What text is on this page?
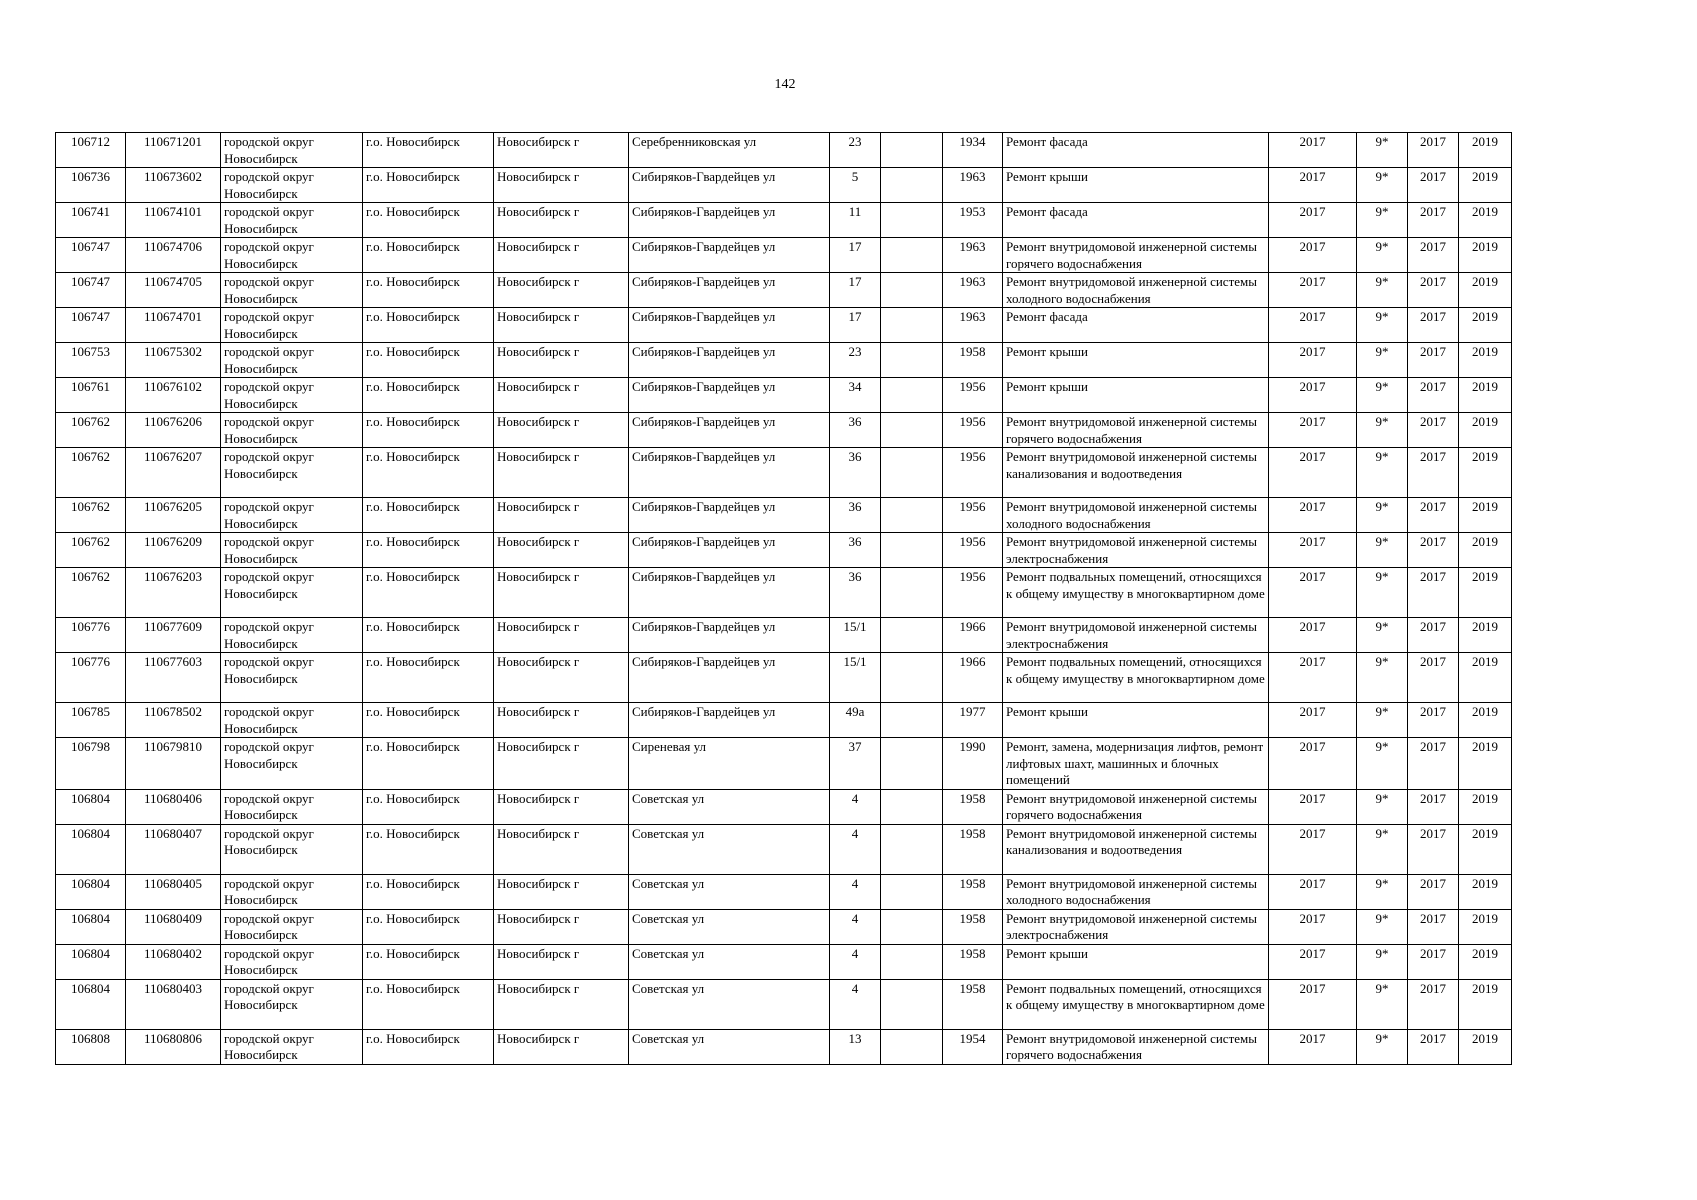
142
106712	110671201	городской округ Новосибирск	г.о. Новосибирск	Новосибирск г	Серебренниковская ул	23		1934	Ремонт фасада	2017	9*	2017	2019
106736	110673602	городской округ Новосибирск	г.о. Новосибирск	Новосибирск г	Сибиряков-Гвардейцев ул	5		1963	Ремонт крыши	2017	9*	2017	2019
106741	110674101	городской округ Новосибирск	г.о. Новосибирск	Новосибирск г	Сибиряков-Гвардейцев ул	11		1953	Ремонт фасада	2017	9*	2017	2019
106747	110674706	городской округ Новосибирск	г.о. Новосибирск	Новосибирск г	Сибиряков-Гвардейцев ул	17		1963	Ремонт внутридомовой инженерной системы горячего водоснабжения	2017	9*	2017	2019
106747	110674705	городской округ Новосибирск	г.о. Новосибирск	Новосибирск г	Сибиряков-Гвардейцев ул	17		1963	Ремонт внутридомовой инженерной системы холодного водоснабжения	2017	9*	2017	2019
106747	110674701	городской округ Новосибирск	г.о. Новосибирск	Новосибирск г	Сибиряков-Гвардейцев ул	17		1963	Ремонт фасада	2017	9*	2017	2019
106753	110675302	городской округ Новосибирск	г.о. Новосибирск	Новосибирск г	Сибиряков-Гвардейцев ул	23		1958	Ремонт крыши	2017	9*	2017	2019
106761	110676102	городской округ Новосибирск	г.о. Новосибирск	Новосибирск г	Сибиряков-Гвардейцев ул	34		1956	Ремонт крыши	2017	9*	2017	2019
106762	110676206	городской округ Новосибирск	г.о. Новосибирск	Новосибирск г	Сибиряков-Гвардейцев ул	36		1956	Ремонт внутридомовой инженерной системы горячего водоснабжения	2017	9*	2017	2019
106762	110676207	городской округ Новосибирск	г.о. Новосибирск	Новосибирск г	Сибиряков-Гвардейцев ул	36		1956	Ремонт внутридомовой инженерной системы канализования и водоотведения	2017	9*	2017	2019
106762	110676205	городской округ Новосибирск	г.о. Новосибирск	Новосибирск г	Сибиряков-Гвардейцев ул	36		1956	Ремонт внутридомовой инженерной системы холодного водоснабжения	2017	9*	2017	2019
106762	110676209	городской округ Новосибирск	г.о. Новосибирск	Новосибирск г	Сибиряков-Гвардейцев ул	36		1956	Ремонт внутридомовой инженерной системы электроснабжения	2017	9*	2017	2019
106762	110676203	городской округ Новосибирск	г.о. Новосибирск	Новосибирск г	Сибиряков-Гвардейцев ул	36		1956	Ремонт подвальных помещений, относящихся к общему имуществу в многоквартирном доме	2017	9*	2017	2019
106776	110677609	городской округ Новосибирск	г.о. Новосибирск	Новосибирск г	Сибиряков-Гвардейцев ул	15/1		1966	Ремонт внутридомовой инженерной системы электроснабжения	2017	9*	2017	2019
106776	110677603	городской округ Новосибирск	г.о. Новосибирск	Новосибирск г	Сибиряков-Гвардейцев ул	15/1		1966	Ремонт подвальных помещений, относящихся к общему имуществу в многоквартирном доме	2017	9*	2017	2019
106785	110678502	городской округ Новосибирск	г.о. Новосибирск	Новосибирск г	Сибиряков-Гвардейцев ул	49а		1977	Ремонт крыши	2017	9*	2017	2019
106798	110679810	городской округ Новосибирск	г.о. Новосибирск	Новосибирск г	Сиреневая ул	37		1990	Ремонт, замена, модернизация лифтов, ремонт лифтовых шахт, машинных и блочных помещений	2017	9*	2017	2019
106804	110680406	городской округ Новосибирск	г.о. Новосибирск	Новосибирск г	Советская ул	4		1958	Ремонт внутридомовой инженерной системы горячего водоснабжения	2017	9*	2017	2019
106804	110680407	городской округ Новосибирск	г.о. Новосибирск	Новосибирск г	Советская ул	4		1958	Ремонт внутридомовой инженерной системы канализования и водоотведения	2017	9*	2017	2019
106804	110680405	городской округ Новосибирск	г.о. Новосибирск	Новосибирск г	Советская ул	4		1958	Ремонт внутридомовой инженерной системы холодного водоснабжения	2017	9*	2017	2019
106804	110680409	городской округ Новосибирск	г.о. Новосибирск	Новосибирск г	Советская ул	4		1958	Ремонт внутридомовой инженерной системы электроснабжения	2017	9*	2017	2019
106804	110680402	городской округ Новосибирск	г.о. Новосибирск	Новосибирск г	Советская ул	4		1958	Ремонт крыши	2017	9*	2017	2019
106804	110680403	городской округ Новосибирск	г.о. Новосибирск	Новосибирск г	Советская ул	4		1958	Ремонт подвальных помещений, относящихся к общему имуществу в многоквартирном доме	2017	9*	2017	2019
106808	110680806	городской округ Новосибирск	г.о. Новосибирск	Новосибирск г	Советская ул	13		1954	Ремонт внутридомовой инженерной системы горячего водоснабжения	2017	9*	2017	2019
